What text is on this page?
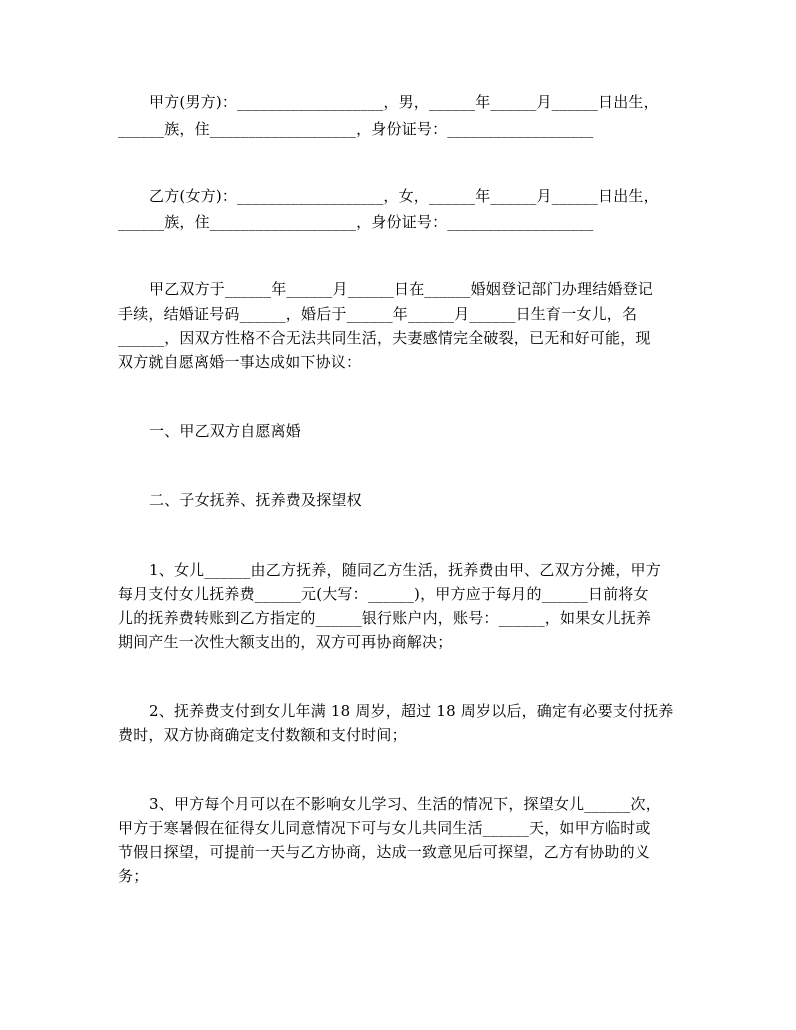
甲方(男方)：___________________，男，______年______月______日出生，
______族，住___________________，身份证号：___________________
乙方(女方)：___________________，女，______年______月______日出生，
______族，住___________________，身份证号：___________________
甲乙双方于______年______月______日在______婚姻登记部门办理结婚登记
手续，结婚证号码______，婚后于______年______月______日生育一女儿，名
______，因双方性格不合无法共同生活，夫妻感情完全破裂，已无和好可能，现
双方就自愿离婚一事达成如下协议：
一、甲乙双方自愿离婚
二、子女抚养、抚养费及探望权
1、女儿______由乙方抚养，随同乙方生活，抚养费由甲、乙双方分摊，甲方
每月支付女儿抚养费______元(大写：______)，甲方应于每月的______日前将女
儿的抚养费转账到乙方指定的______银行账户内，账号：______，如果女儿抚养
期间产生一次性大额支出的，双方可再协商解决；
2、抚养费支付到女儿年满 18 周岁，超过 18 周岁以后，确定有必要支付抚养
费时，双方协商确定支付数额和支付时间；
3、甲方每个月可以在不影响女儿学习、生活的情况下，探望女儿______次，
甲方于寒暑假在征得女儿同意情况下可与女儿共同生活______天，如甲方临时或
节假日探望，可提前一天与乙方协商，达成一致意见后可探望，乙方有协助的义
务；
